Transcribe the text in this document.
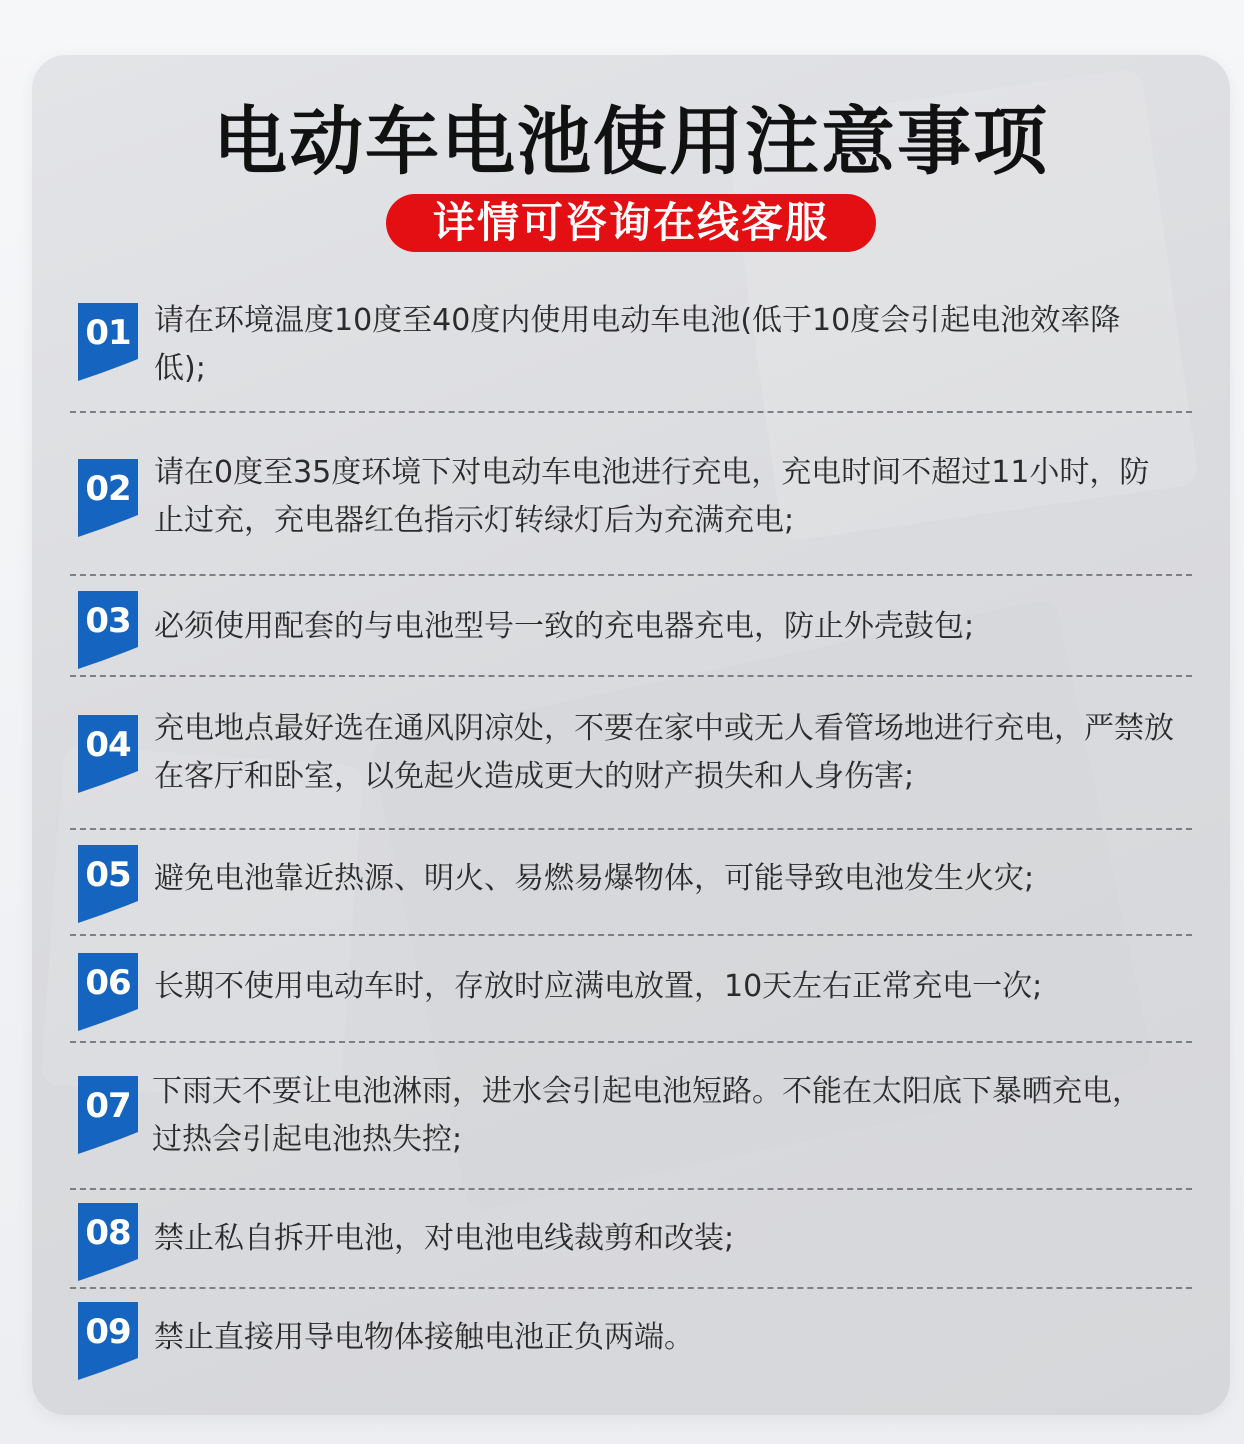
电动车电池使用注意事项
详情可咨询在线客服
01 请在环境温度10度至40度内使用电动车电池(低于10度会引起电池效率降低);
02 请在0度至35度环境下对电动车电池进行充电，充电时间不超过11小时，防止过充，充电器红色指示灯转绿灯后为充满充电;
03 必须使用配套的与电池型号一致的充电器充电，防止外壳鼓包;
04 充电地点最好选在通风阴凉处，不要在家中或无人看管场地进行充电，严禁放在客厅和卧室，以免起火造成更大的财产损失和人身伤害;
05 避免电池靠近热源、明火、易燃易爆物体，可能导致电池发生火灾;
06 长期不使用电动车时，存放时应满电放置，10天左右正常充电一次;
07 下雨天不要让电池淋雨，进水会引起电池短路。不能在太阳底下暴晒充电，过热会引起电池热失控;
08 禁止私自拆开电池，对电池电线裁剪和改装;
09 禁止直接用导电物体接触电池正负两端。
